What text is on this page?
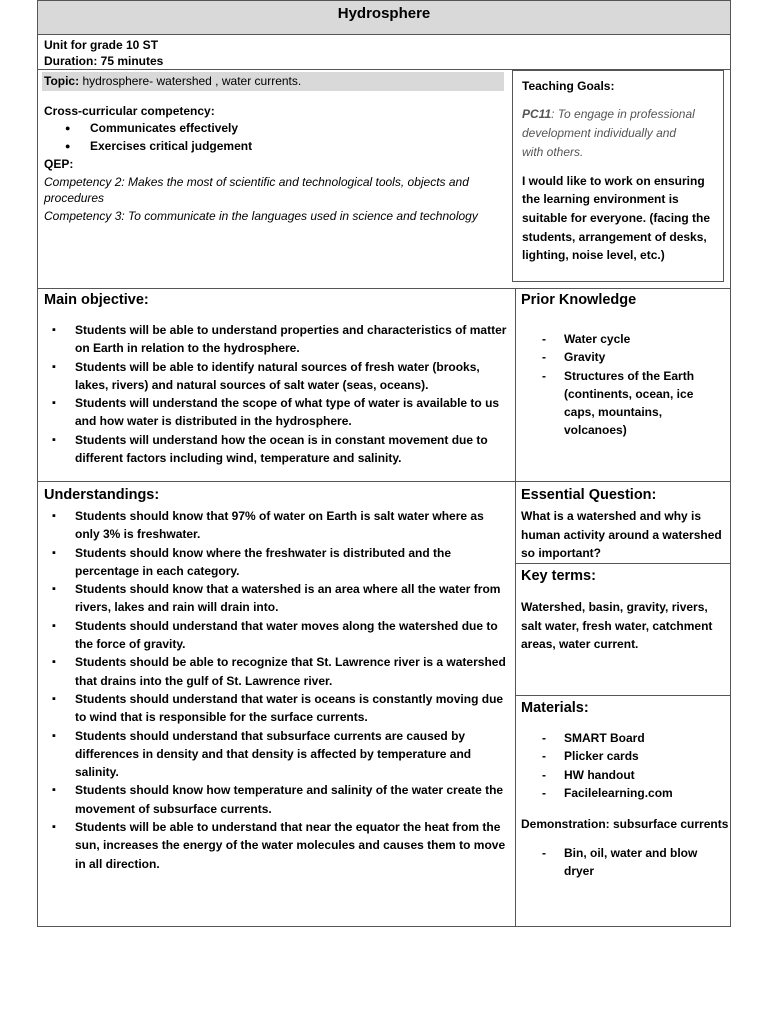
Hydrosphere
Unit for grade 10 ST
Duration: 75 minutes
Topic: hydrosphere- watershed , water currents.
Cross-curricular competency:
● Communicates effectively
● Exercises critical judgement
QEP:
Competency 2: Makes the most of scientific and technological tools, objects and
procedures
Competency 3: To communicate in the languages used in science and technology
Teaching Goals:
PC11: To engage in professional
development individually and
with others.
I would like to work on ensuring
the learning environment is
suitable for everyone. (facing the
students, arrangement of desks,
lighting, noise level, etc.)
Main objective:
▪ Students will be able to understand properties and characteristics of matter on Earth in relation to the hydrosphere.
▪ Students will be able to identify natural sources of fresh water (brooks, lakes, rivers) and natural sources of salt water (seas, oceans).
▪ Students will understand the scope of what type of water is available to us and how water is distributed in the hydrosphere.
▪ Students will understand how the ocean is in constant movement due to different factors including wind, temperature and salinity.
Prior Knowledge
- Water cycle
- Gravity
- Structures of the Earth (continents, ocean, ice caps, mountains, volcanoes)
Understandings:
▪ Students should know that 97% of water on Earth is salt water where as only 3% is freshwater.
▪ Students should know where the freshwater is distributed and the percentage in each category.
▪ Students should know that a watershed is an area where all the water from rivers, lakes and rain will drain into.
▪ Students should understand that water moves along the watershed due to the force of gravity.
▪ Students should be able to recognize that St. Lawrence river is a watershed that drains into the gulf of St. Lawrence river.
▪ Students should understand that water is oceans is constantly moving due to wind that is responsible for the surface currents.
▪ Students should understand that subsurface currents are caused by differences in density and that density is affected by temperature and salinity.
▪ Students should know how temperature and salinity of the water create the movement of subsurface currents.
▪ Students will be able to understand that near the equator the heat from the sun, increases the energy of the water molecules and causes them to move in all direction.
Essential Question:
What is a watershed and why is human activity around a watershed so important?
Key terms:
Watershed, basin, gravity, rivers, salt water, fresh water, catchment areas, water current.
Materials:
- SMART Board
- Plicker cards
- HW handout
- Facilelearning.com
Demonstration: subsurface currents
- Bin, oil, water and blow dryer
